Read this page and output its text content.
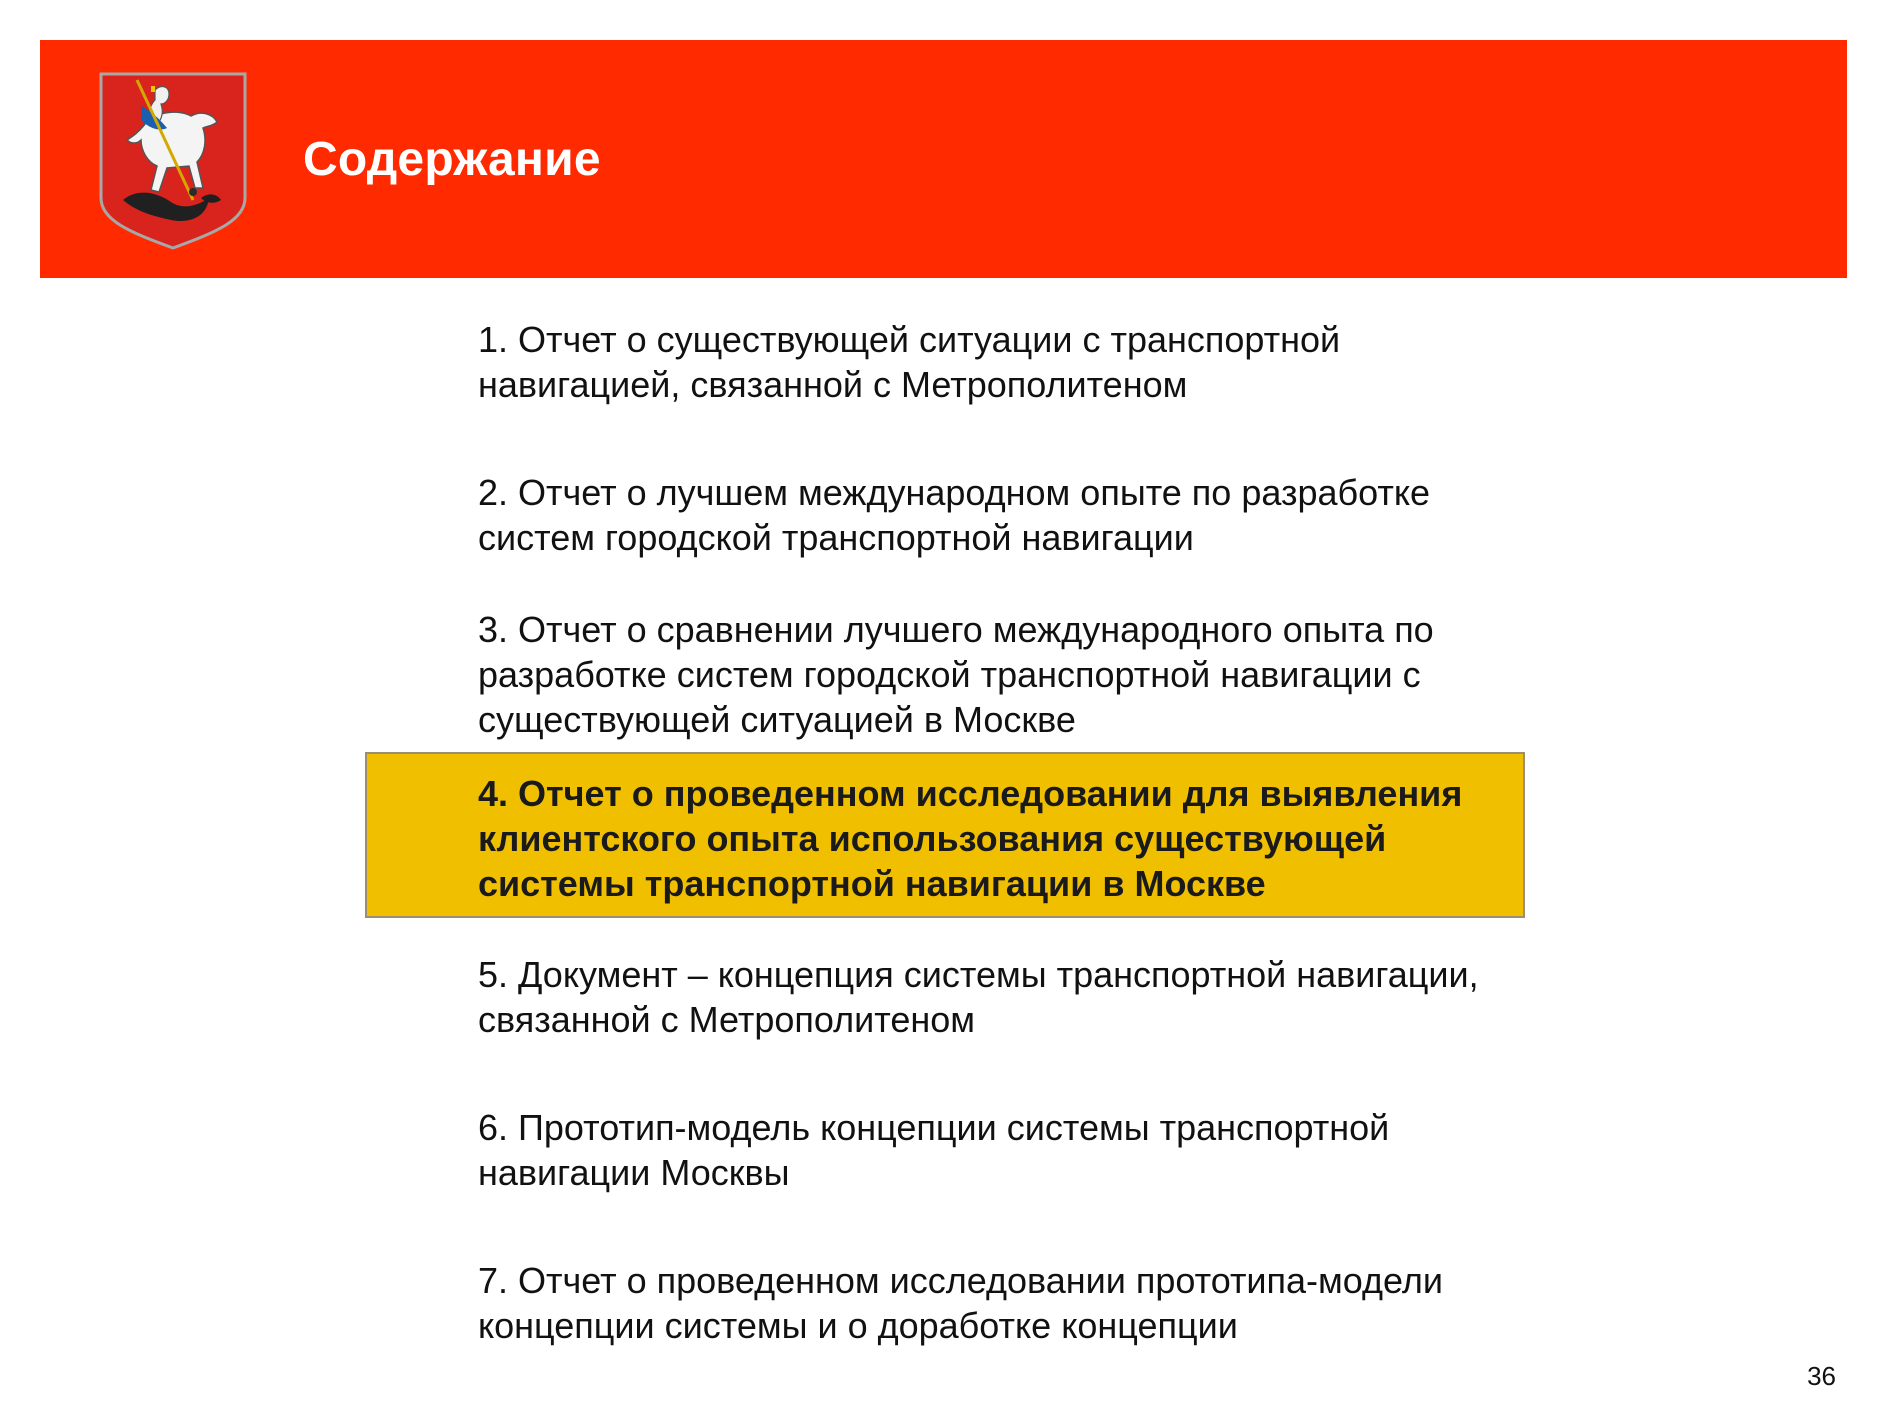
Содержание
1. Отчет о существующей ситуации с транспортной навигацией, связанной с Метрополитеном
2. Отчет о лучшем международном опыте по разработке систем городской транспортной навигации
3. Отчет о сравнении лучшего международного опыта по разработке систем городской транспортной навигации с существующей ситуацией в Москве
4. Отчет о проведенном исследовании для выявления клиентского опыта использования существующей системы транспортной навигации в Москве
5. Документ – концепция системы транспортной навигации, связанной с Метрополитеном
6. Прототип-модель концепции системы транспортной навигации Москвы
7. Отчет о проведенном исследовании прототипа-модели концепции системы и о доработке концепции
36
